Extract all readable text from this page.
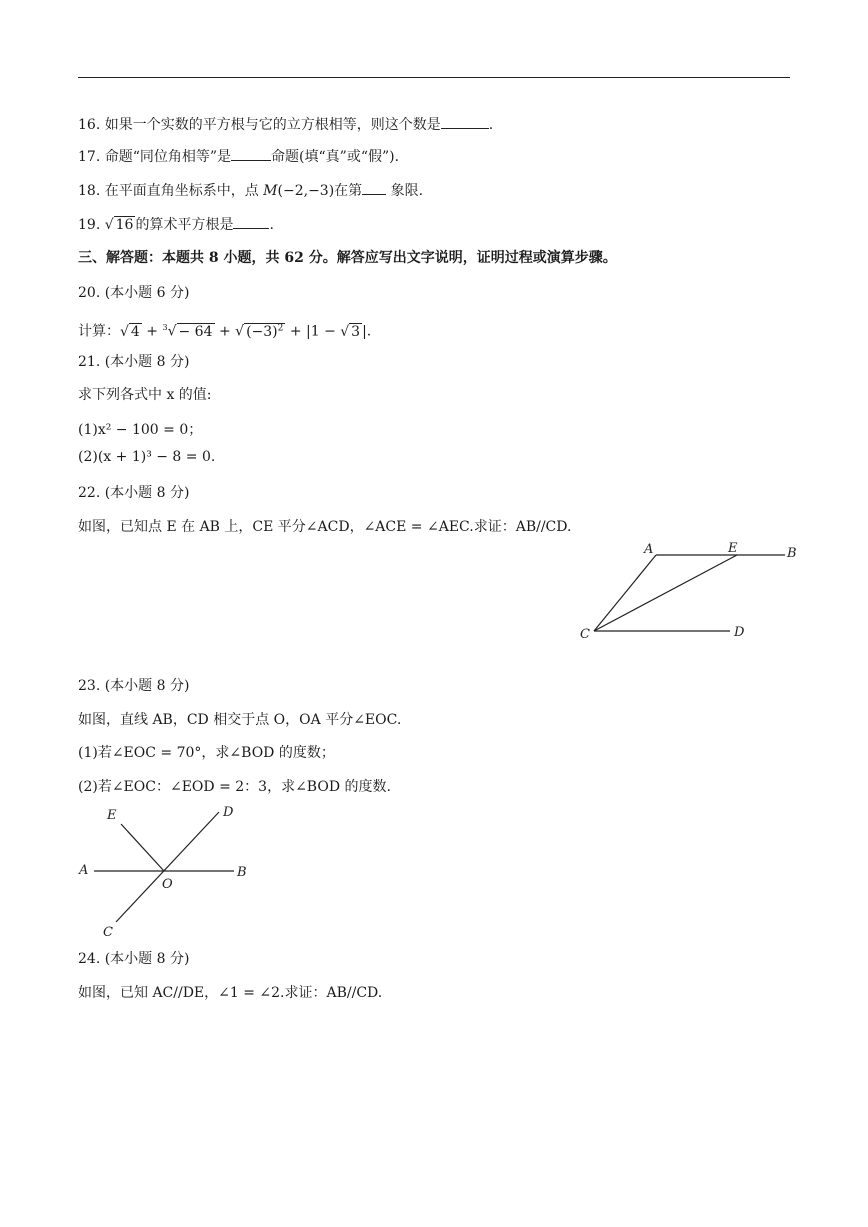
16. 如果一个实数的平方根与它的立方根相等，则这个数是	.
17. 命题“同位角相等”是	命题(填“真”或“假”).
18. 在平面直角坐标系中，点 M(−2,−3)在第 象限.
19. √ 16 的算术平方根是	.
三、解答题：本题共 8 小题，共 62 分。解答应写出文字说明，证明过程或演算步骤。
20. (本小题 6 分)
计算：√ 4 + $^3$√ − 64 + √ $(-3)^2 + |1$ − √ 3 |.
21. (本小题 8 分)
求下列各式中 x 的值:
(1)x² − 100 = 0；
(2)(x + 1)³ − 8 = 0.
22. (本小题 8 分)
如图，已知点 E 在 AB 上，CE 平分∠ACD，∠ACE = ∠AEC.求证：AB//CD.
A	E	B
C	D
23. (本小题 8 分)
如图，直线 AB，CD 相交于点 O，OA 平分∠EOC.
(1)若∠EOC = 70°，求∠BOD 的度数；
(2)若∠EOC：∠EOD = 2：3，求∠BOD 的度数.
E	D
A
O
B
C
24. (本小题 8 分)
如图，已知 AC//DE，∠1 = ∠2.求证：AB//CD.
